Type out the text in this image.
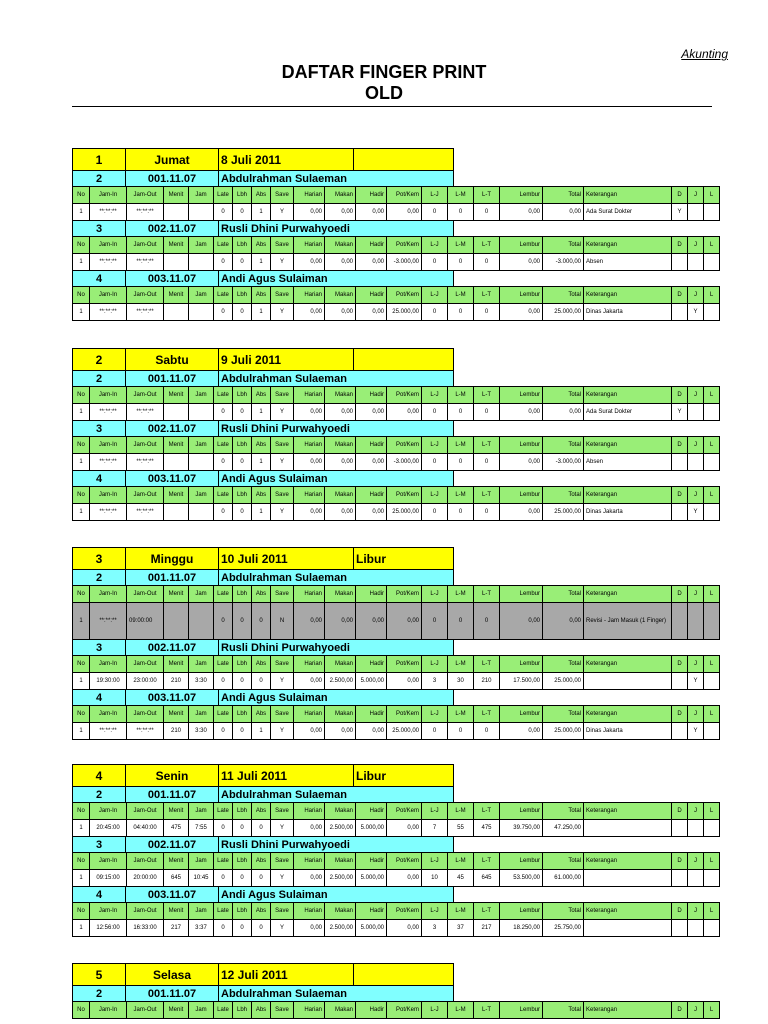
Akunting
DAFTAR FINGER PRINT
OLD
1	Jumat	8 Juli 2011	
2	001.11.07	Abdulrahman Sulaeman
No	Jam-In	Jam-Out	Menit	Jam	Late	Lbh	Abs	Save	Harian	Makan	Hadir	Pot/Kem	L-J	L-M	L-T	Lembur	Total	Keterangan	D	J	L
1	**:**:**	**:**:**			0	0	1	Y	0,00	0,00	0,00	0,00	0	0	0	0,00	0,00	Ada Surat Dokter	Y		
3	002.11.07	Rusli Dhini Purwahyoedi
No	Jam-In	Jam-Out	Menit	Jam	Late	Lbh	Abs	Save	Harian	Makan	Hadir	Pot/Kem	L-J	L-M	L-T	Lembur	Total	Keterangan	D	J	L
1	**:**:**	**:**:**			0	0	1	Y	0,00	0,00	0,00	-3.000,00	0	0	0	0,00	-3.000,00	Absen			
4	003.11.07	Andi Agus Sulaiman
No	Jam-In	Jam-Out	Menit	Jam	Late	Lbh	Abs	Save	Harian	Makan	Hadir	Pot/Kem	L-J	L-M	L-T	Lembur	Total	Keterangan	D	J	L
1	**:**:**	**:**:**			0	0	1	Y	0,00	0,00	0,00	25.000,00	0	0	0	0,00	25.000,00	Dinas Jakarta		Y	
2	Sabtu	9 Juli 2011	
2	001.11.07	Abdulrahman Sulaeman
No	Jam-In	Jam-Out	Menit	Jam	Late	Lbh	Abs	Save	Harian	Makan	Hadir	Pot/Kem	L-J	L-M	L-T	Lembur	Total	Keterangan	D	J	L
1	**:**:**	**:**:**			0	0	1	Y	0,00	0,00	0,00	0,00	0	0	0	0,00	0,00	Ada Surat Dokter	Y		
3	002.11.07	Rusli Dhini Purwahyoedi
No	Jam-In	Jam-Out	Menit	Jam	Late	Lbh	Abs	Save	Harian	Makan	Hadir	Pot/Kem	L-J	L-M	L-T	Lembur	Total	Keterangan	D	J	L
1	**:**:**	**:**:**			0	0	1	Y	0,00	0,00	0,00	-3.000,00	0	0	0	0,00	-3.000,00	Absen			
4	003.11.07	Andi Agus Sulaiman
No	Jam-In	Jam-Out	Menit	Jam	Late	Lbh	Abs	Save	Harian	Makan	Hadir	Pot/Kem	L-J	L-M	L-T	Lembur	Total	Keterangan	D	J	L
1	**:**:**	**:**:**			0	0	1	Y	0,00	0,00	0,00	25.000,00	0	0	0	0,00	25.000,00	Dinas Jakarta		Y	
3	Minggu	10 Juli 2011	Libur
2	001.11.07	Abdulrahman Sulaeman
No	Jam-In	Jam-Out	Menit	Jam	Late	Lbh	Abs	Save	Harian	Makan	Hadir	Pot/Kem	L-J	L-M	L-T	Lembur	Total	Keterangan	D	J	L
1	**:**:**	09:00:00			0	0	0	N	0,00	0,00	0,00	0,00	0	0	0	0,00	0,00	Revisi - Jam Masuk (1 Finger)			
3	002.11.07	Rusli Dhini Purwahyoedi
No	Jam-In	Jam-Out	Menit	Jam	Late	Lbh	Abs	Save	Harian	Makan	Hadir	Pot/Kem	L-J	L-M	L-T	Lembur	Total	Keterangan	D	J	L
1	19:30:00	23:00:00	210	3:30	0	0	0	Y	0,00	2.500,00	5.000,00	0,00	3	30	210	17.500,00	25.000,00			Y	
4	003.11.07	Andi Agus Sulaiman
No	Jam-In	Jam-Out	Menit	Jam	Late	Lbh	Abs	Save	Harian	Makan	Hadir	Pot/Kem	L-J	L-M	L-T	Lembur	Total	Keterangan	D	J	L
1	**:**:**	**:**:**	210	3:30	0	0	1	Y	0,00	0,00	0,00	25.000,00	0	0	0	0,00	25.000,00	Dinas Jakarta		Y	
4	Senin	11 Juli 2011	Libur
2	001.11.07	Abdulrahman Sulaeman
No	Jam-In	Jam-Out	Menit	Jam	Late	Lbh	Abs	Save	Harian	Makan	Hadir	Pot/Kem	L-J	L-M	L-T	Lembur	Total	Keterangan	D	J	L
1	20:45:00	04:40:00	475	7:55	0	0	0	Y	0,00	2.500,00	5.000,00	0,00	7	55	475	39.750,00	47.250,00				
3	002.11.07	Rusli Dhini Purwahyoedi
No	Jam-In	Jam-Out	Menit	Jam	Late	Lbh	Abs	Save	Harian	Makan	Hadir	Pot/Kem	L-J	L-M	L-T	Lembur	Total	Keterangan	D	J	L
1	09:15:00	20:00:00	645	10:45	0	0	0	Y	0,00	2.500,00	5.000,00	0,00	10	45	645	53.500,00	61.000,00				
4	003.11.07	Andi Agus Sulaiman
No	Jam-In	Jam-Out	Menit	Jam	Late	Lbh	Abs	Save	Harian	Makan	Hadir	Pot/Kem	L-J	L-M	L-T	Lembur	Total	Keterangan	D	J	L
1	12:56:00	16:33:00	217	3:37	0	0	0	Y	0,00	2.500,00	5.000,00	0,00	3	37	217	18.250,00	25.750,00				
5	Selasa	12 Juli 2011	
2	001.11.07	Abdulrahman Sulaeman
No	Jam-In	Jam-Out	Menit	Jam	Late	Lbh	Abs	Save	Harian	Makan	Hadir	Pot/Kem	L-J	L-M	L-T	Lembur	Total	Keterangan	D	J	L
